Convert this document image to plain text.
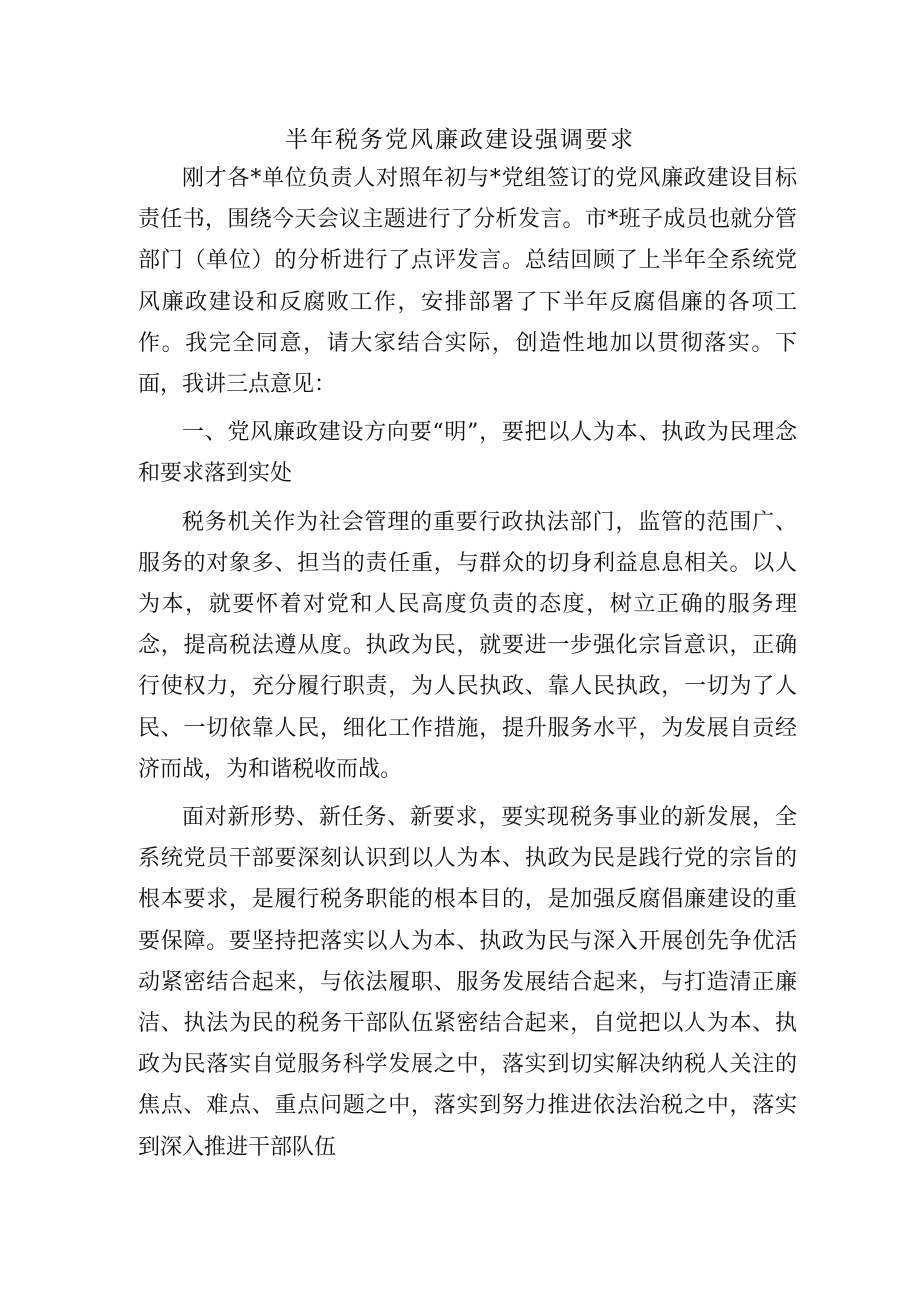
半年税务党风廉政建设强调要求

刚才各*单位负责人对照年初与*党组签订的党风廉政建设目标责任书，围绕今天会议主题进行了分析发言。市*班子成员也就分管部门（单位）的分析进行了点评发言。总结回顾了上半年全系统党风廉政建设和反腐败工作，安排部署了下半年反腐倡廉的各项工作。我完全同意，请大家结合实际，创造性地加以贯彻落实。下面，我讲三点意见：

一、党风廉政建设方向要“明”，要把以人为本、执政为民理念和要求落到实处

税务机关作为社会管理的重要行政执法部门，监管的范围广、服务的对象多、担当的责任重，与群众的切身利益息息相关。以人为本，就要怀着对党和人民高度负责的态度，树立正确的服务理念，提高税法遵从度。执政为民，就要进一步强化宗旨意识，正确行使权力，充分履行职责，为人民执政、靠人民执政，一切为了人民、一切依靠人民，细化工作措施，提升服务水平，为发展自贡经济而战，为和谐税收而战。

面对新形势、新任务、新要求，要实现税务事业的新发展，全系统党员干部要深刻认识到以人为本、执政为民是践行党的宗旨的根本要求，是履行税务职能的根本目的，是加强反腐倡廉建设的重要保障。要坚持把落实以人为本、执政为民与深入开展创先争优活动紧密结合起来，与依法履职、服务发展结合起来，与打造清正廉洁、执法为民的税务干部队伍紧密结合起来，自觉把以人为本、执政为民落实自觉服务科学发展之中，落实到切实解决纳税人关注的焦点、难点、重点问题之中，落实到努力推进依法治税之中，落实到深入推进干部队伍
